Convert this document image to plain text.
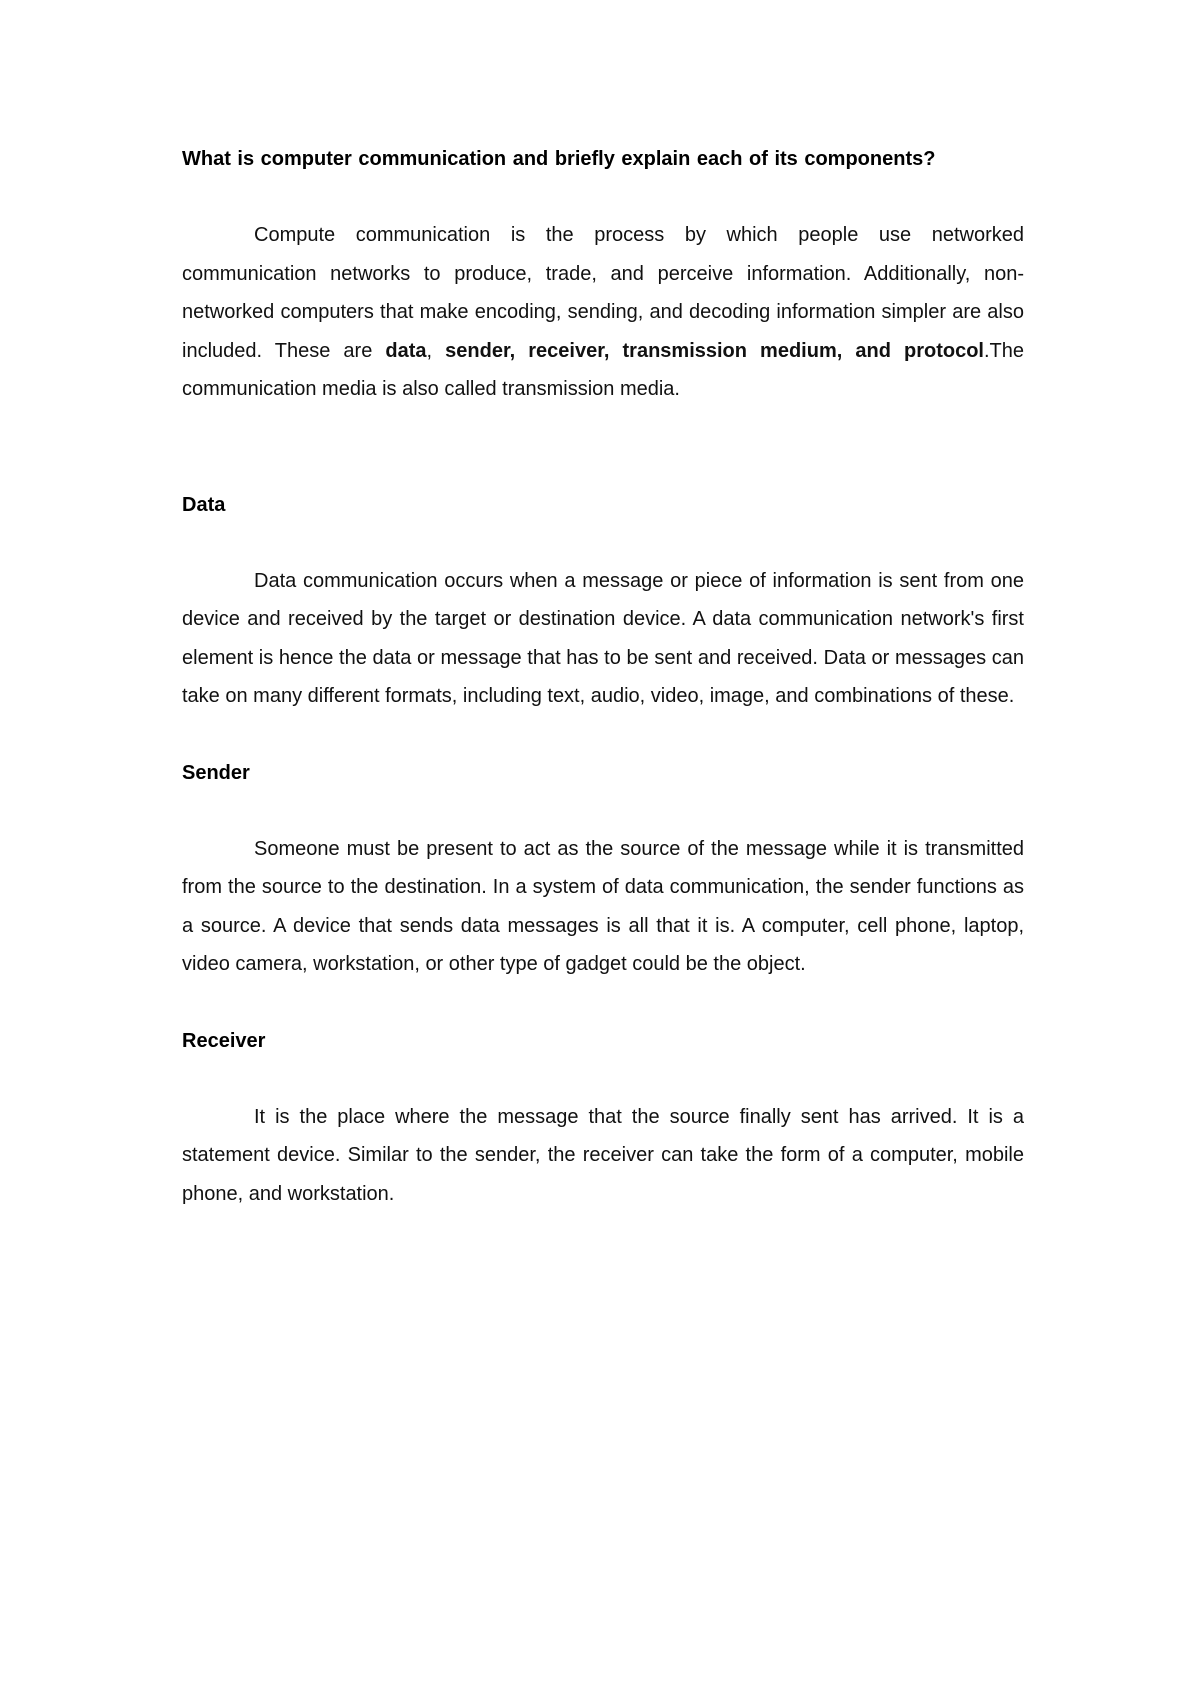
What is computer communication and briefly explain each of its components?

Compute communication is the process by which people use networked communication networks to produce, trade, and perceive information. Additionally, non-networked computers that make encoding, sending, and decoding information simpler are also included. These are data, sender, receiver, transmission medium, and protocol.The communication media is also called transmission media.

Data

Data communication occurs when a message or piece of information is sent from one device and received by the target or destination device. A data communication network's first element is hence the data or message that has to be sent and received. Data or messages can take on many different formats, including text, audio, video, image, and combinations of these.

Sender

Someone must be present to act as the source of the message while it is transmitted from the source to the destination. In a system of data communication, the sender functions as a source. A device that sends data messages is all that it is. A computer, cell phone, laptop, video camera, workstation, or other type of gadget could be the object.

Receiver

It is the place where the message that the source finally sent has arrived. It is a statement device. Similar to the sender, the receiver can take the form of a computer, mobile phone, and workstation.
